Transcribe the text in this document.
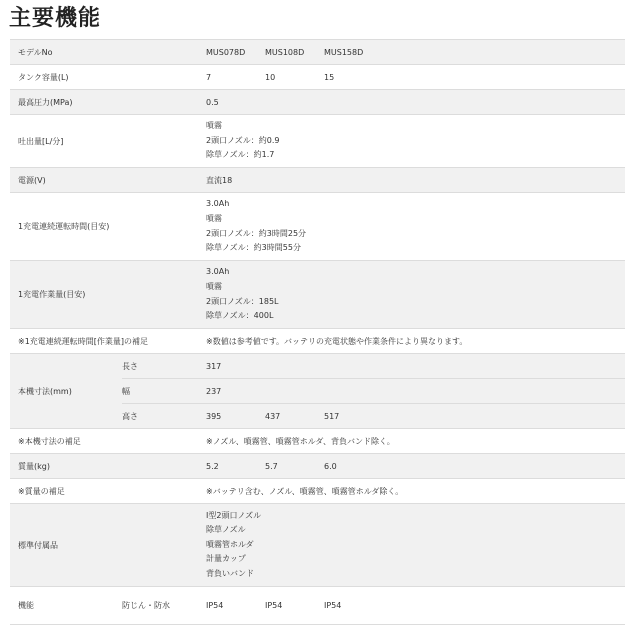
主要機能
モデルNo		MUS078D	MUS108D	MUS158D	
タンク容量(L)		7	10	15	
最高圧力(MPa)		0.5			
吐出量[L/分]		噴霧
2頭口ノズル：約0.9
除草ノズル：約1.7			

電源(V)		直流18			
1充電連続運転時間(目安)		3.0Ah
噴霧
2頭口ノズル：約3時間25分
除草ノズル：約3時間55分			

1充電作業量(目安)		3.0Ah
噴霧
2頭口ノズル：185L
除草ノズル：400L			

※1充電連続運転時間[作業量]の補足		※数値は参考値です。バッテリの充電状態や作業条件により異なります。			
本機寸法(mm)	長さ	317			
	幅	237			
	高さ	395	437	517	
※本機寸法の補足		※ノズル、噴霧管、噴霧管ホルダ、背負バンド除く。			
質量(kg)		5.2	5.7	6.0	
※質量の補足		※バッテリ含む、ノズル、噴霧管、噴霧管ホルダ除く。			
標準付属品		I型2頭口ノズル
除草ノズル
噴霧管ホルダ
計量カップ
背負いバンド			

機能	防じん・防水	IP54	IP54	IP54	
